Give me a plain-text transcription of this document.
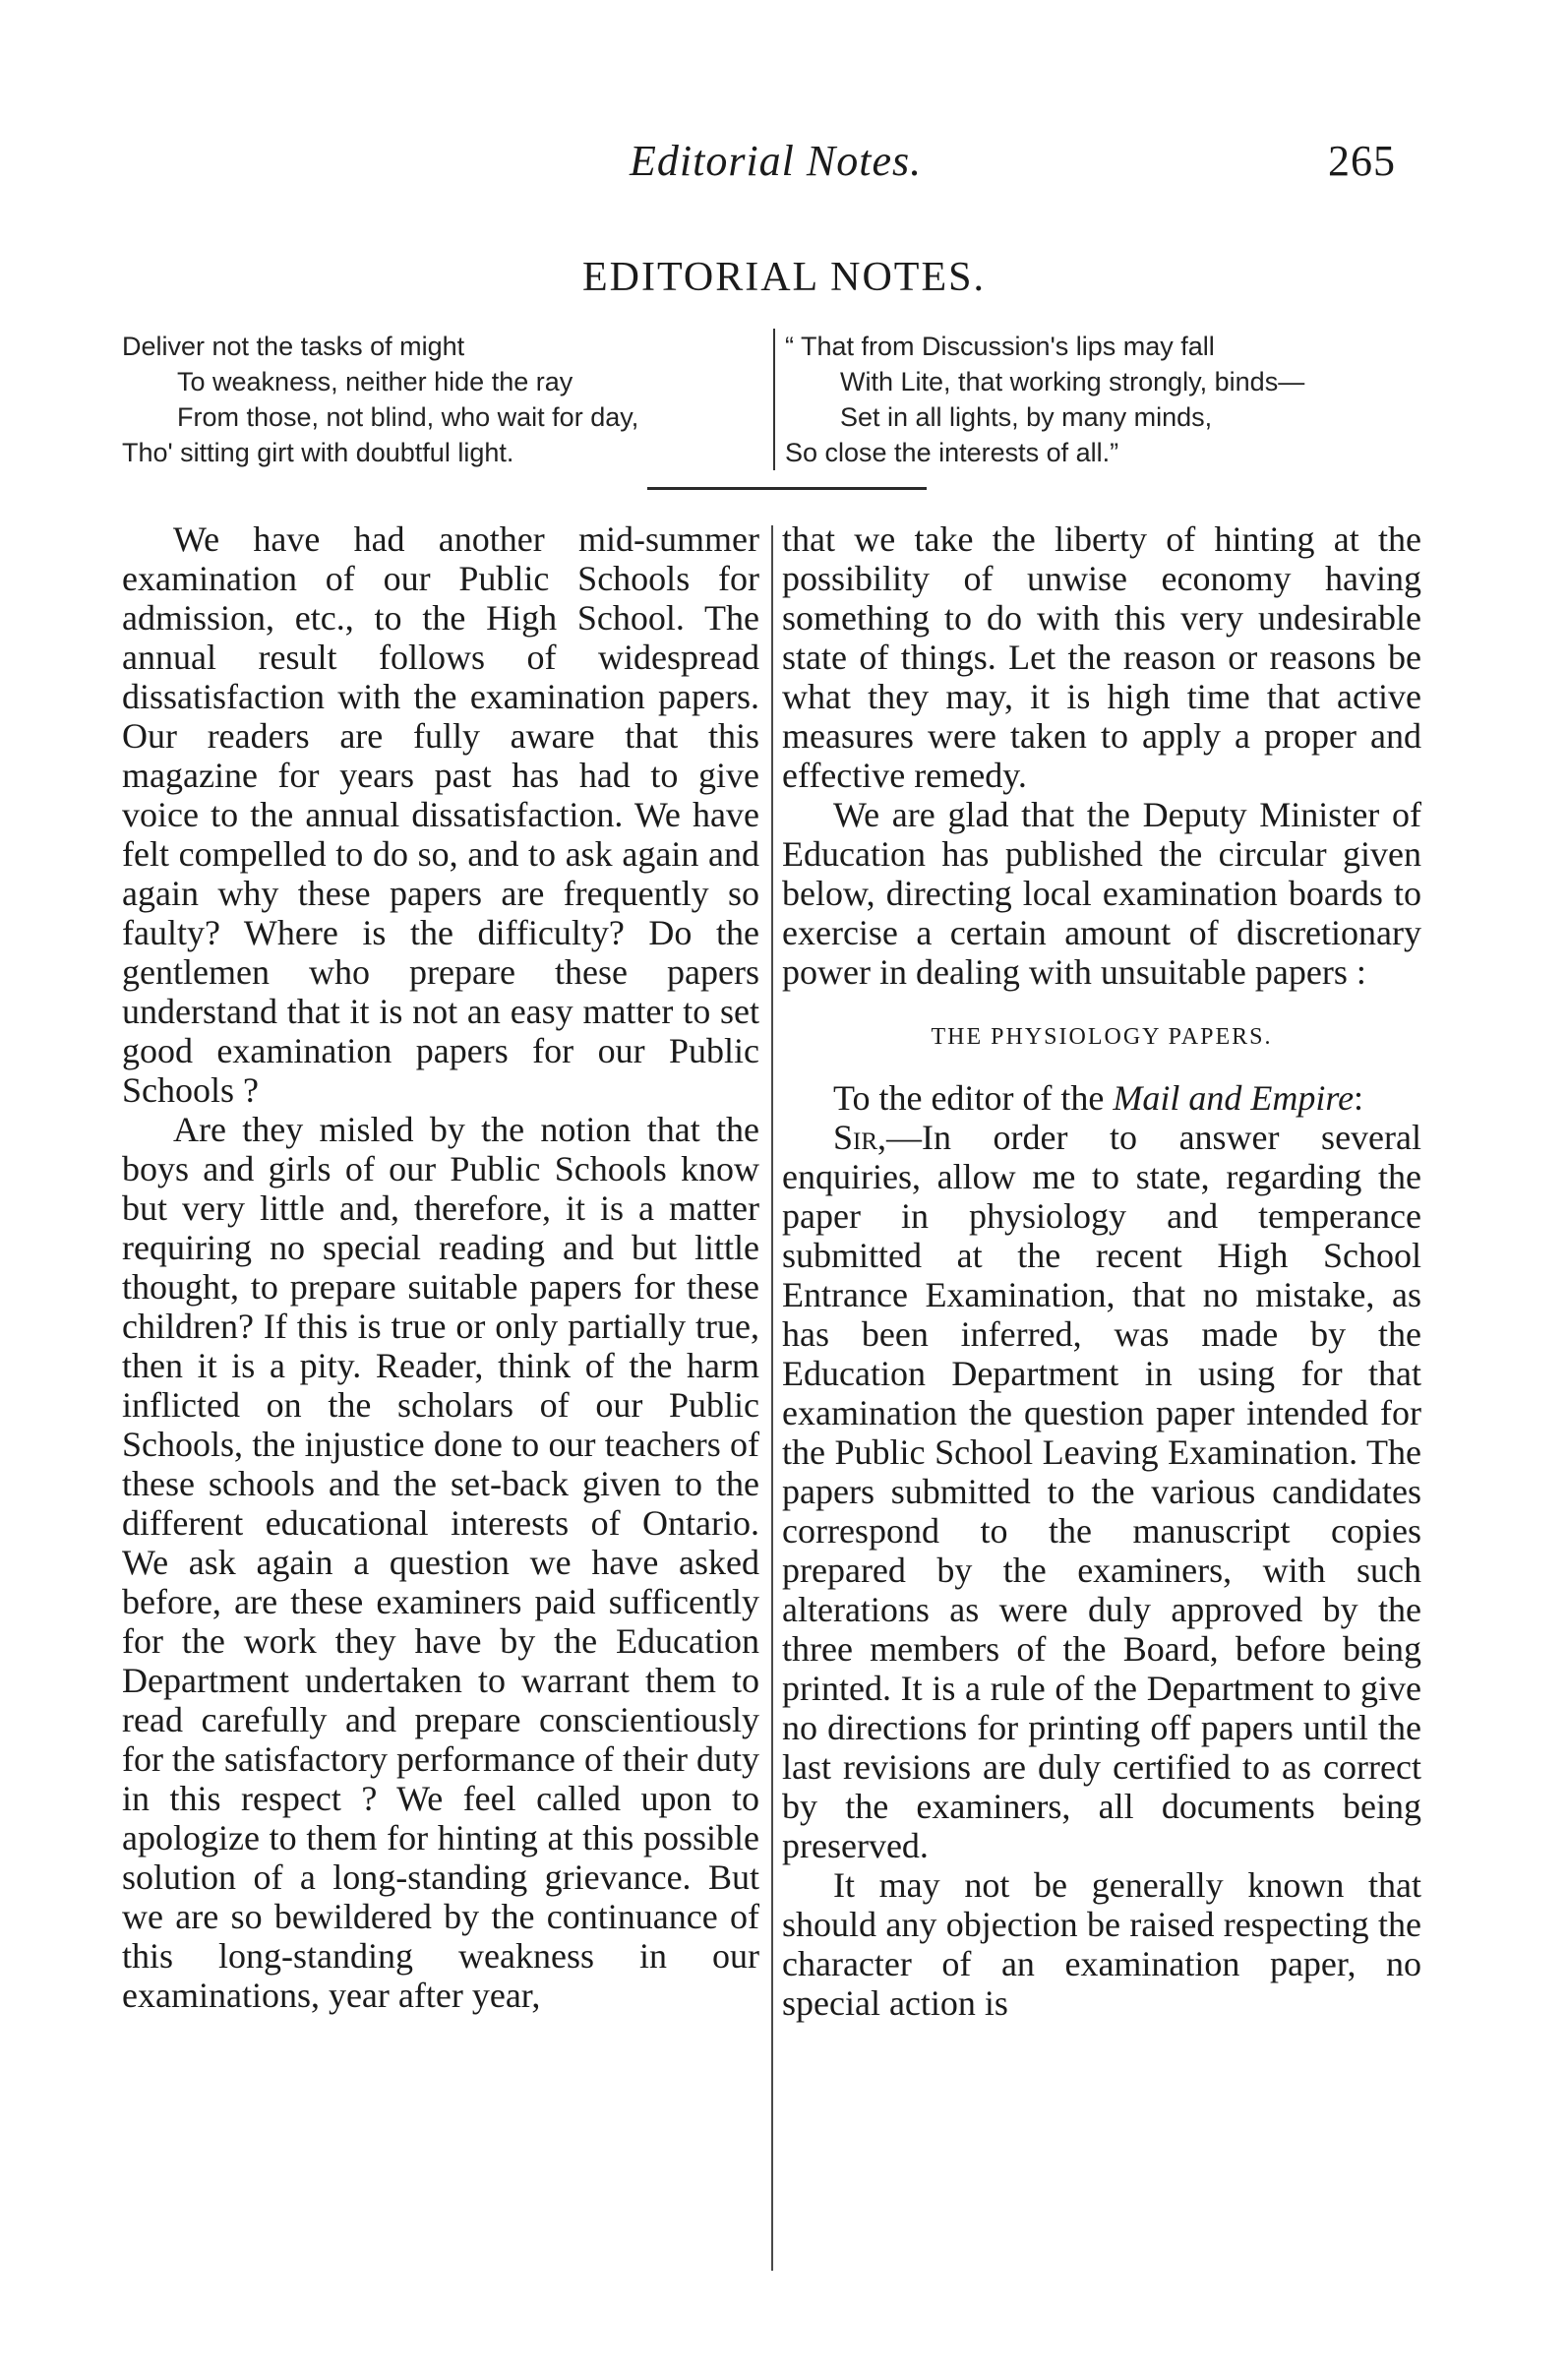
Editorial Notes.	265
EDITORIAL NOTES.
Deliver not the tasks of might
To weakness, neither hide the ray
From those, not blind, who wait for day,
Tho' sitting girt with doubtful light.
“ That from Discussion's lips may fall
With Lite, that working strongly, binds—
Set in all lights, by many minds,
So close the interests of all.”

We have had another mid-summer examination of our Public Schools for admission, etc., to the High School. The annual result follows of widespread dissatisfaction with the examination papers. Our readers are fully aware that this magazine for years past has had to give voice to the annual dissatisfaction. We have felt compelled to do so, and to ask again and again why these papers are frequently so faulty? Where is the difficulty? Do the gentlemen who prepare these papers understand that it is not an easy matter to set good examination papers for our Public Schools ?

Are they misled by the notion that the boys and girls of our Public Schools know but very little and, therefore, it is a matter requiring no special reading and but little thought, to prepare suitable papers for these children? If this is true or only partially true, then it is a pity. Reader, think of the harm inflicted on the scholars of our Public Schools, the injustice done to our teachers of these schools and the set-back given to the different educational interests of Ontario. We ask again a question we have asked before, are these examiners paid sufficently for the work they have by the Education Department undertaken to warrant them to read carefully and prepare conscientiously for the satisfactory performance of their duty in this respect ? We feel called upon to apologize to them for hinting at this possible solution of a long-standing grievance. But we are so bewildered by the continuance of this long-standing weakness in our examinations, year after year,

that we take the liberty of hinting at the possibility of unwise economy having something to do with this very undesirable state of things. Let the reason or reasons be what they may, it is high time that active measures were taken to apply a proper and effective remedy.

We are glad that the Deputy Minister of Education has published the circular given below, directing local examination boards to exercise a certain amount of discretionary power in dealing with unsuitable papers :

THE PHYSIOLOGY PAPERS.

To the editor of the Mail and Empire:

Sir,—In order to answer several enquiries, allow me to state, regarding the paper in physiology and temperance submitted at the recent High School Entrance Examination, that no mistake, as has been inferred, was made by the Education Department in using for that examination the question paper intended for the Public School Leaving Examination. The papers submitted to the various candidates correspond to the manuscript copies prepared by the examiners, with such alterations as were duly approved by the three members of the Board, before being printed. It is a rule of the Department to give no directions for printing off papers until the last revisions are duly certified to as correct by the examiners, all documents being preserved.

It may not be generally known that should any objection be raised respecting the character of an examination paper, no special action is
